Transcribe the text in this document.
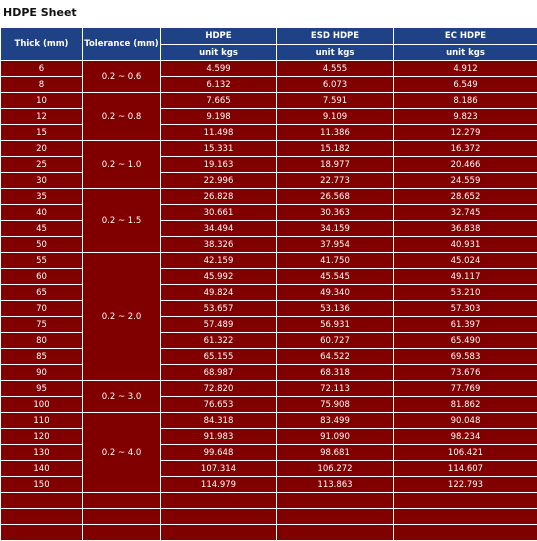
HDPE Sheet
Thick (mm)	Tolerance (mm)	HDPE	ESD HDPE	EC HDPE
		unit kgs	unit kgs	unit kgs
6	0.2 ~ 0.6	4.599	4.555	4.912
8		6.132	6.073	6.549
10	0.2 ~ 0.8	7.665	7.591	8.186
12		9.198	9.109	9.823
15		11.498	11.386	12.279
20	0.2 ~ 1.0	15.331	15.182	16.372
25		19.163	18.977	20.466
30		22.996	22.773	24.559
35	0.2 ~ 1.5	26.828	26.568	28.652
40		30.661	30.363	32.745
45		34.494	34.159	36.838
50		38.326	37.954	40.931
55	0.2 ~ 2.0	42.159	41.750	45.024
60		45.992	45.545	49.117
65		49.824	49.340	53.210
70		53.657	53.136	57.303
75		57.489	56.931	61.397
80		61.322	60.727	65.490
85		65.155	64.522	69.583
90		68.987	68.318	73.676
95	0.2 ~ 3.0	72.820	72.113	77.769
100		76.653	75.908	81.862
110	0.2 ~ 4.0	84.318	83.499	90.048
120		91.983	91.090	98.234
130		99.648	98.681	106.421
140		107.314	106.272	114.607
150		114.979	113.863	122.793
